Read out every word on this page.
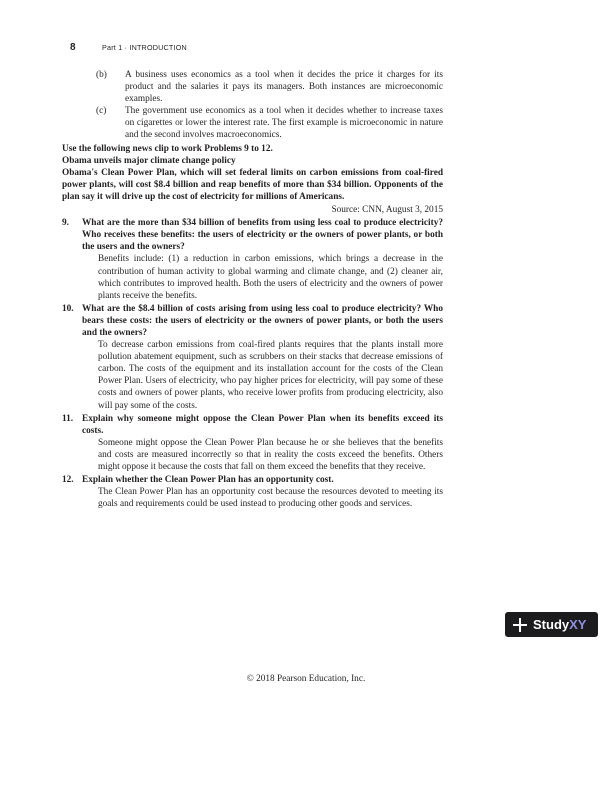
8	Part 1 · INTRODUCTION
(b)	A business uses economics as a tool when it decides the price it charges for its product and the salaries it pays its managers. Both instances are microeconomic examples.
(c)	The government use economics as a tool when it decides whether to increase taxes on cigarettes or lower the interest rate. The first example is microeconomic in nature and the second involves macroeconomics.

Use the following news clip to work Problems 9 to 12.

Obama unveils major climate change policy

Obama's Clean Power Plan, which will set federal limits on carbon emissions from coal-fired power plants, will cost $8.4 billion and reap benefits of more than $34 billion. Opponents of the plan say it will drive up the cost of electricity for millions of Americans.

Source: CNN, August 3, 2015
9.	What are the more than $34 billion of benefits from using less coal to produce electricity? Who receives these benefits: the users of electricity or the owners of power plants, or both the users and the owners?

Benefits include: (1) a reduction in carbon emissions, which brings a decrease in the contribution of human activity to global warming and climate change, and (2) cleaner air, which contributes to improved health. Both the users of electricity and the owners of power plants receive the benefits.

10. What are the $8.4 billion of costs arising from using less coal to produce electricity? Who bears these costs: the users of electricity or the owners of power plants, or both the users and the owners?

To decrease carbon emissions from coal-fired plants requires that the plants install more pollution abatement equipment, such as scrubbers on their stacks that decrease emissions of carbon. The costs of the equipment and its installation account for the costs of the Clean Power Plan. Users of electricity, who pay higher prices for electricity, will pay some of these costs and owners of power plants, who receive lower profits from producing electricity, also will pay some of the costs.

11. Explain why someone might oppose the Clean Power Plan when its benefits exceed its costs.

Someone might oppose the Clean Power Plan because he or she believes that the benefits and costs are measured incorrectly so that in reality the costs exceed the benefits. Others might oppose it because the costs that fall on them exceed the benefits that they receive.

12. Explain whether the Clean Power Plan has an opportunity cost.

The Clean Power Plan has an opportunity cost because the resources devoted to meeting its goals and requirements could be used instead to producing other goods and services.

© 2018 Pearson Education, Inc.
Study XY
